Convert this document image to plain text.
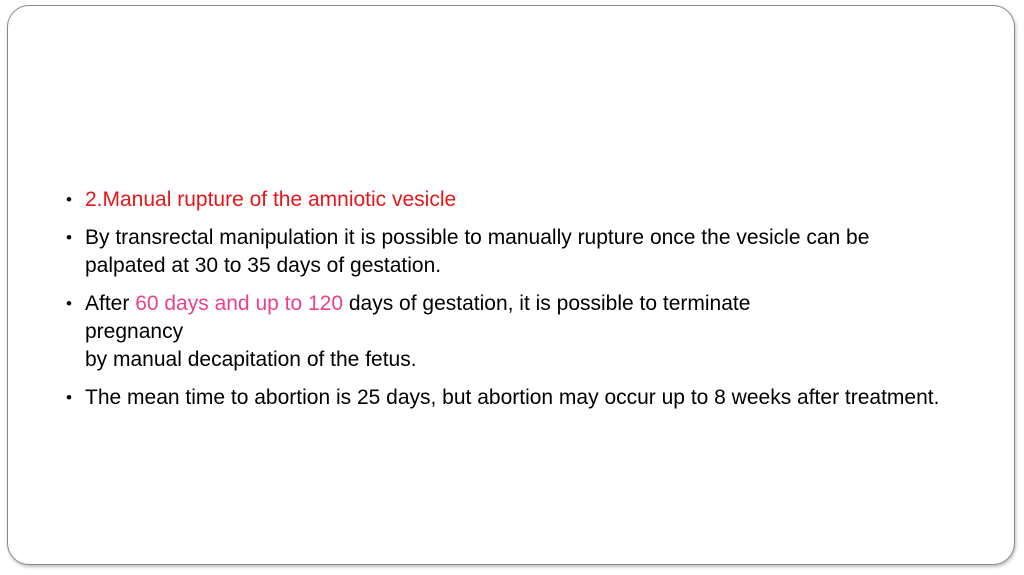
• 2.Manual rupture of the amniotic vesicle
• By transrectal manipulation it is possible to manually rupture once the vesicle can be palpated at 30 to 35 days of gestation.
• After 60 days and up to 120 days of gestation, it is possible to terminate pregnancy
by manual decapitation of the fetus.
• The mean time to abortion is 25 days, but abortion may occur up to 8 weeks after treatment.
